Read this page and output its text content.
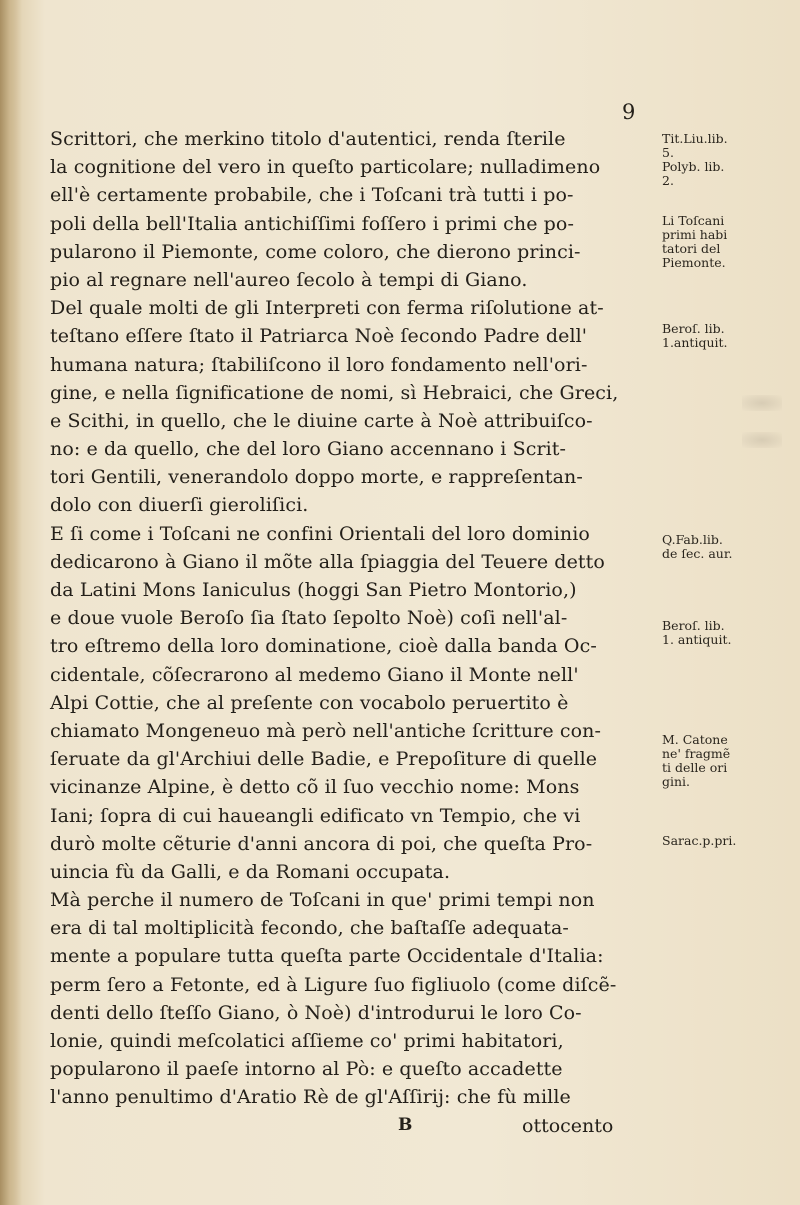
9
Scrittori, che merkino titolo d'autentici, renda ſterile
la cognitione del vero in queſto particolare; nulladimeno
ell'è certamente probabile, che i Toſcani trà tutti i po-
poli della bell'Italia antichiſſimi foſſero i primi che po-
pularono il Piemonte, come coloro, che dierono princi-
pio al regnare nell'aureo ſecolo à tempi di Giano.
Del quale molti de gli Interpreti con ferma riſolutione at-
teſtano eſſere ſtato il Patriarca Noè ſecondo Padre dell'
humana natura; ſtabiliſcono il loro fondamento nell'ori-
gine, e nella ſignificatione de nomi, sì Hebraici, che Greci,
e Scithi, in quello, che le diuine carte à Noè attribuiſco-
no: e da quello, che del loro Giano accennano i Scrit-
tori Gentili, venerandolo doppo morte, e rappreſentan-
dolo con diuerſi gieroliſici.
E ſi come i Toſcani ne confini Orientali del loro dominio
dedicarono à Giano il mõte alla ſpiaggia del Teuere detto
da Latini Mons Ianiculus (hoggi San Pietro Montorio,)
e doue vuole Beroſo ſia ſtato ſepolto Noè) coſi nell'al-
tro eſtremo della loro dominatione, cioè dalla banda Oc-
cidentale, cõſecrarono al medemo Giano il Monte nell'
Alpi Cottie, che al preſente con vocabolo peruertito è
chiamato Mongeneuo mà però nell'antiche ſcritture con-
ſeruate da gl'Archiui delle Badie, e Prepoſiture di quelle
vicinanze Alpine, è detto cõ il ſuo vecchio nome: Mons
Iani; ſopra di cui haueangli edificato vn Tempio, che vi
durò molte cẽturie d'anni ancora di poi, che queſta Pro-
uincia fù da Galli, e da Romani occupata.
Mà perche il numero de Toſcani in que' primi tempi non
era di tal moltiplicità fecondo, che baſtaſſe adequata-
mente a populare tutta queſta parte Occidentale d'Italia:
perm ſero a Fetonte, ed à Ligure ſuo figliuolo (come diſcẽ-
denti dello ſteſſo Giano, ò Noè) d'introdurui le loro Co-
lonie, quindi meſcolatici aſſieme co' primi habitatori,
popularono il paeſe intorno al Pò: e queſto accadette
l'anno penultimo d'Aratio Rè de gl'Aſſirij: che fù mille
Tit.Liu.lib.
5.
Polyb. lib.
2.
Li Toſcani
primi habi
tatori del
Piemonte.
Beroſ. lib.
1.antiquit.
Q.Fab.lib.
de ſec. aur.
Beroſ. lib.
1. antiquit.
M. Catone
ne' fragmẽ
ti delle ori
gini.
Sarac.p.pri.
B	ottocento
